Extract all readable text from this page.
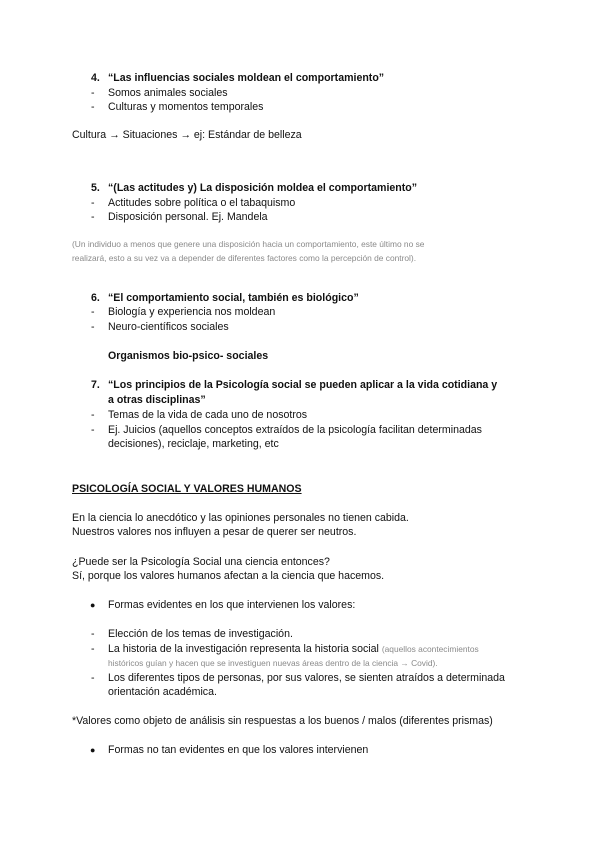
4. “Las influencias sociales moldean el comportamiento”
- Somos animales sociales
- Culturas y momentos temporales
Cultura → Situaciones → ej: Estándar de belleza
5. “(Las actitudes y) La disposición moldea el comportamiento”
- Actitudes sobre política o el tabaquismo
- Disposición personal. Ej. Mandela
(Un individuo a menos que genere una disposición hacia un comportamiento, este último no se
realizará, esto a su vez va a depender de diferentes factores como la percepción de control).
6. “El comportamiento social, también es biológico”
- Biología y experiencia nos moldean
- Neuro-científicos sociales
Organismos bio-psico- sociales
7. “Los principios de la Psicología social se pueden aplicar a la vida cotidiana y
a otras disciplinas”
- Temas de la vida de cada uno de nosotros
- Ej. Juicios (aquellos conceptos extraídos de la psicología facilitan determinadas
decisiones), reciclaje, marketing, etc
PSICOLOGÍA SOCIAL Y VALORES HUMANOS
En la ciencia lo anecdótico y las opiniones personales no tienen cabida.
Nuestros valores nos influyen a pesar de querer ser neutros.
¿Puede ser la Psicología Social una ciencia entonces?
Sí, porque los valores humanos afectan a la ciencia que hacemos.
● Formas evidentes en los que intervienen los valores:
- Elección de los temas de investigación.
- La historia de la investigación representa la historia social (aquellos acontecimientos
históricos guían y hacen que se investiguen nuevas áreas dentro de la ciencia → Covid).
- Los diferentes tipos de personas, por sus valores, se sienten atraídos a determinada
orientación académica.
*Valores como objeto de análisis sin respuestas a los buenos / malos (diferentes prismas)
● Formas no tan evidentes en que los valores intervienen
